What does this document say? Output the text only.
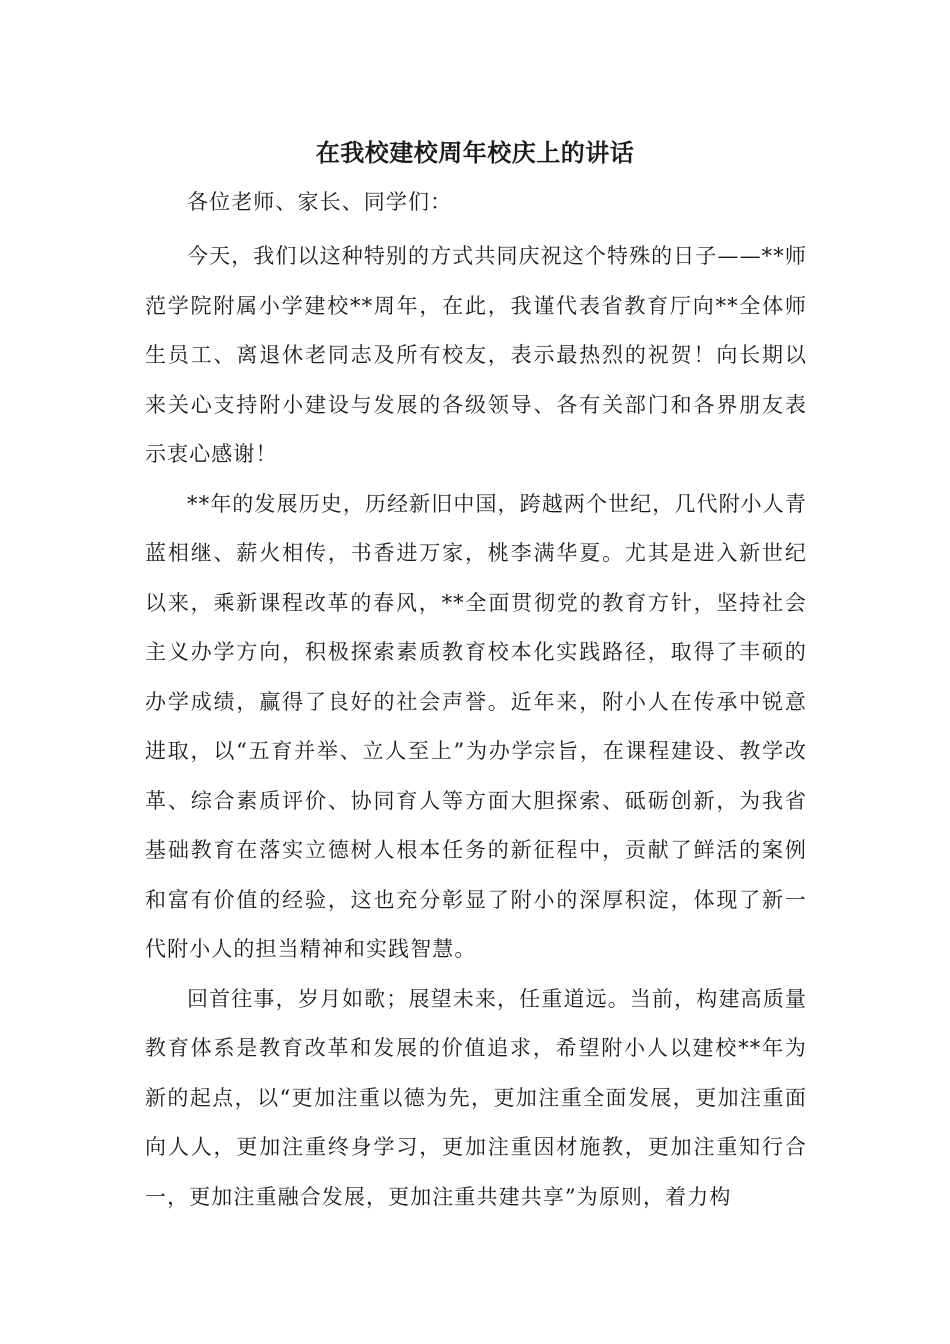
在我校建校周年校庆上的讲话

各位老师、家长、同学们：

今天，我们以这种特别的方式共同庆祝这个特殊的日子——**师范学院附属小学建校**周年，在此，我谨代表省教育厅向**全体师生员工、离退休老同志及所有校友，表示最热烈的祝贺！向长期以来关心支持附小建设与发展的各级领导、各有关部门和各界朋友表示衷心感谢！

**年的发展历史，历经新旧中国，跨越两个世纪，几代附小人青蓝相继、薪火相传，书香进万家，桃李满华夏。尤其是进入新世纪以来，乘新课程改革的春风，**全面贯彻党的教育方针，坚持社会主义办学方向，积极探索素质教育校本化实践路径，取得了丰硕的办学成绩，赢得了良好的社会声誉。近年来，附小人在传承中锐意进取，以“五育并举、立人至上”为办学宗旨，在课程建设、教学改革、综合素质评价、协同育人等方面大胆探索、砥砺创新，为我省基础教育在落实立德树人根本任务的新征程中，贡献了鲜活的案例和富有价值的经验，这也充分彰显了附小的深厚积淀，体现了新一代附小人的担当精神和实践智慧。

回首往事，岁月如歌；展望未来，任重道远。当前，构建高质量教育体系是教育改革和发展的价值追求，希望附小人以建校**年为新的起点，以“更加注重以德为先，更加注重全面发展，更加注重面向人人，更加注重终身学习，更加注重因材施教，更加注重知行合一，更加注重融合发展，更加注重共建共享”为原则，着力构
